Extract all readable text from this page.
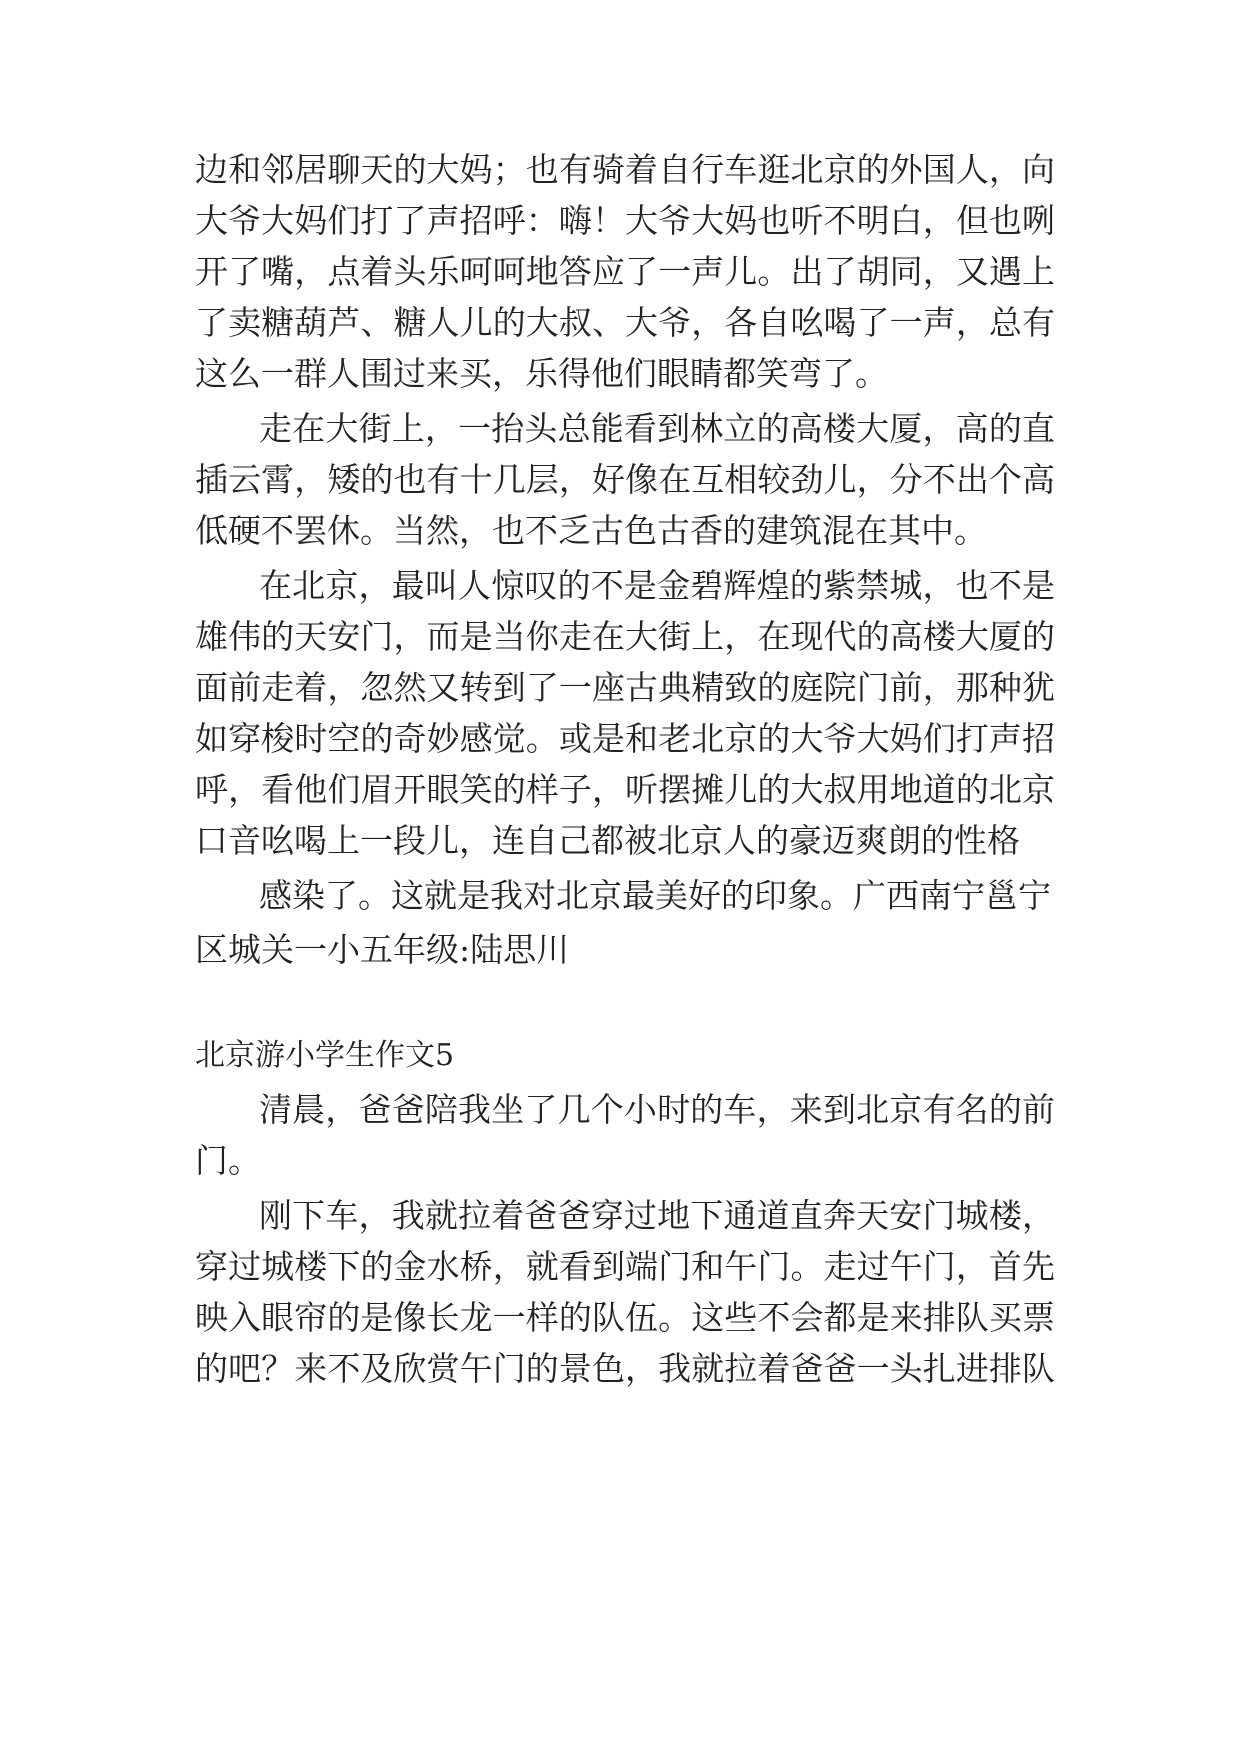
边和邻居聊天的大妈；也有骑着自行车逛北京的外国人，向
大爷大妈们打了声招呼：嗨！大爷大妈也听不明白，但也咧
开了嘴，点着头乐呵呵地答应了一声儿。出了胡同，又遇上
了卖糖葫芦、糖人儿的大叔、大爷，各自吆喝了一声，总有
这么一群人围过来买，乐得他们眼睛都笑弯了。
走在大街上，一抬头总能看到林立的高楼大厦，高的直
插云霄，矮的也有十几层，好像在互相较劲儿，分不出个高
低硬不罢休。当然，也不乏古色古香的建筑混在其中。
在北京，最叫人惊叹的不是金碧辉煌的紫禁城，也不是
雄伟的天安门，而是当你走在大街上，在现代的高楼大厦的
面前走着，忽然又转到了一座古典精致的庭院门前，那种犹
如穿梭时空的奇妙感觉。或是和老北京的大爷大妈们打声招
呼，看他们眉开眼笑的样子，听摆摊儿的大叔用地道的北京
口音吆喝上一段儿，连自己都被北京人的豪迈爽朗的性格
感染了。这就是我对北京最美好的印象。广西南宁邕宁
区城关一小五年级:陆思川
北京游小学生作文5
清晨，爸爸陪我坐了几个小时的车，来到北京有名的前
门。
刚下车，我就拉着爸爸穿过地下通道直奔天安门城楼，
穿过城楼下的金水桥，就看到端门和午门。走过午门，首先
映入眼帘的是像长龙一样的队伍。这些不会都是来排队买票
的吧？来不及欣赏午门的景色，我就拉着爸爸一头扎进排队
